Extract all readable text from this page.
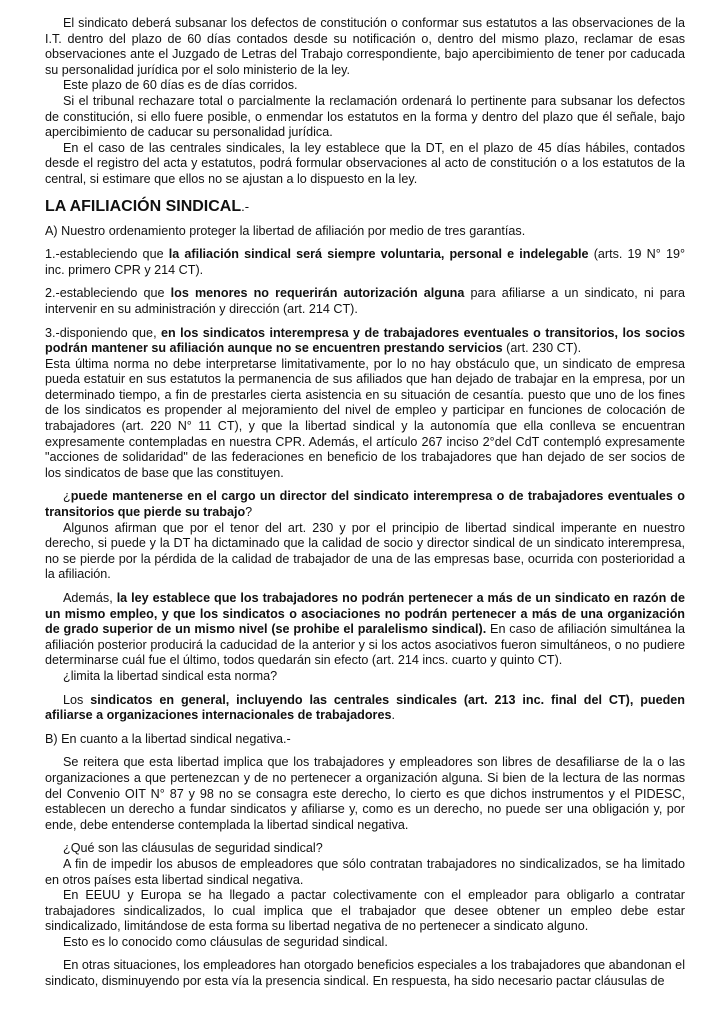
El sindicato deberá subsanar los defectos de constitución o conformar sus estatutos a las observaciones de la I.T. dentro del plazo de 60 días contados desde su notificación o, dentro del mismo plazo, reclamar de esas observaciones ante el Juzgado de Letras del Trabajo correspondiente, bajo apercibimiento de tener por caducada su personalidad jurídica por el solo ministerio de la ley.

Este plazo de 60 días es de días corridos.

Si el tribunal rechazare total o parcialmente la reclamación ordenará lo pertinente para subsanar los defectos de constitución, si ello fuere posible, o enmendar los estatutos en la forma y dentro del plazo que él señale, bajo apercibimiento de caducar su personalidad jurídica.

En el caso de las centrales sindicales, la ley establece que la DT, en el plazo de 45 días hábiles, contados desde el registro del acta y estatutos, podrá formular observaciones al acto de constitución o a los estatutos de la central, si estimare que ellos no se ajustan a lo dispuesto en la ley.

LA AFILIACIÓN SINDICAL.-

A) Nuestro ordenamiento proteger la libertad de afiliación por medio de tres garantías.

1.-estableciendo que la afiliación sindical será siempre voluntaria, personal e indelegable (arts. 19 N° 19° inc. primero CPR y 214 CT).

2.-estableciendo que los menores no requerirán autorización alguna para afiliarse a un sindicato, ni para intervenir en su administración y dirección (art. 214 CT).

3.-disponiendo que, en los sindicatos interempresa y de trabajadores eventuales o transitorios, los socios podrán mantener su afiliación aunque no se encuentren prestando servicios (art. 230 CT).

Esta última norma no debe interpretarse limitativamente, por lo no hay obstáculo que, un sindicato de empresa pueda estatuir en sus estatutos la permanencia de sus afiliados que han dejado de trabajar en la empresa, por un determinado tiempo, a fin de prestarles cierta asistencia en su situación de cesantía. puesto que uno de los fines de los sindicatos es propender al mejoramiento del nivel de empleo y participar en funciones de colocación de trabajadores (art. 220 N° 11 CT), y que la libertad sindical y la autonomía que ella conlleva se encuentran expresamente contempladas en nuestra CPR. Además, el artículo 267 inciso 2°del CdT contempló expresamente "acciones de solidaridad" de las federaciones en beneficio de los trabajadores que han dejado de ser socios de los sindicatos de base que las constituyen.

¿puede mantenerse en el cargo un director del sindicato interempresa o de trabajadores eventuales o transitorios que pierde su trabajo?

Algunos afirman que por el tenor del art. 230 y por el principio de libertad sindical imperante en nuestro derecho, si puede y la DT ha dictaminado que la calidad de socio y director sindical de un sindicato interempresa, no se pierde por la pérdida de la calidad de trabajador de una de las empresas base, ocurrida con posterioridad a la afiliación.

Además, la ley establece que los trabajadores no podrán pertenecer a más de un sindicato en razón de un mismo empleo, y que los sindicatos o asociaciones no podrán pertenecer a más de una organización de grado superior de un mismo nivel (se prohibe el paralelismo sindical). En caso de afiliación simultánea la afiliación posterior producirá la caducidad de la anterior y si los actos asociativos fueron simultáneos, o no pudiere determinarse cuál fue el último, todos quedarán sin efecto (art. 214 incs. cuarto y quinto CT).

¿limita la libertad sindical esta norma?

Los sindicatos en general, incluyendo las centrales sindicales (art. 213 inc. final del CT), pueden afiliarse a organizaciones internacionales de trabajadores.

B) En cuanto a la libertad sindical negativa.-

Se reitera que esta libertad implica que los trabajadores y empleadores son libres de desafiliarse de la o las organizaciones a que pertenezcan y de no pertenecer a organización alguna. Si bien de la lectura de las normas del Convenio OIT N° 87 y 98 no se consagra este derecho, lo cierto es que dichos instrumentos y el PIDESC, establecen un derecho a fundar sindicatos y afiliarse y, como es un derecho, no puede ser una obligación y, por ende, debe entenderse contemplada la libertad sindical negativa.

¿Qué son las cláusulas de seguridad sindical?

A fin de impedir los abusos de empleadores que sólo contratan trabajadores no sindicalizados, se ha limitado en otros países esta libertad sindical negativa.

En EEUU y Europa se ha llegado a pactar colectivamente con el empleador para obligarlo a contratar trabajadores sindicalizados, lo cual implica que el trabajador que desee obtener un empleo debe estar sindicalizado, limitándose de esta forma su libertad negativa de no pertenecer a sindicato alguno.

Esto es lo conocido como cláusulas de seguridad sindical.

En otras situaciones, los empleadores han otorgado beneficios especiales a los trabajadores que abandonan el sindicato, disminuyendo por esta vía la presencia sindical. En respuesta, ha sido necesario pactar cláusulas de
